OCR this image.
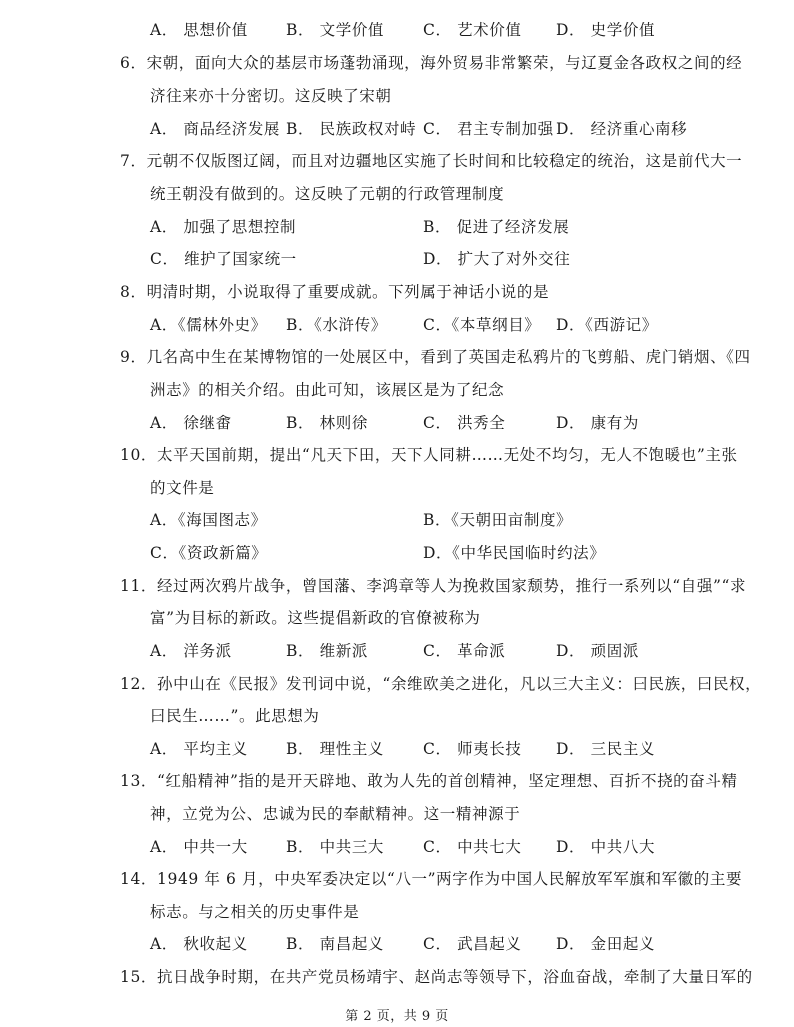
A． 思想价值 B． 文学价值	C． 艺术价值 D． 史学价值
6．宋朝，面向大众的基层市场蓬勃涌现，海外贸易非常繁荣，与辽夏金各政权之间的经
济往来亦十分密切。这反映了宋朝
A． 商品经济发展 B． 民族政权对峙 C． 君主专制加强 D． 经济重心南移
7．元朝不仅版图辽阔，而且对边疆地区实施了长时间和比较稳定的统治，这是前代大一
统王朝没有做到的。这反映了元朝的行政管理制度
A． 加强了思想控制	B． 促进了经济发展
C． 维护了国家统一	D． 扩大了对外交往
8．明清时期，小说取得了重要成就。下列属于神话小说的是
A．《儒林外史》 B．《水浒传》 C．《本草纲目》 D．《西游记》
9．几名高中生在某博物馆的一处展区中，看到了英国走私鸦片的飞剪船、虎门销烟、《四
洲志》的相关介绍。由此可知，该展区是为了纪念
A． 徐继畬	B． 林则徐	C． 洪秀全	D． 康有为
10．太平天国前期，提出“凡天下田，天下人同耕……无处不均匀，无人不饱暖也”主张
的文件是
A．《海国图志》	B．《天朝田亩制度》
C．《资政新篇》	D．《中华民国临时约法》
11．经过两次鸦片战争，曾国藩、李鸿章等人为挽救国家颓势，推行一系列以“自强”“求
富”为目标的新政。这些提倡新政的官僚被称为
A． 洋务派	B． 维新派	C． 革命派	D． 顽固派
12．孙中山在《民报》发刊词中说，“余维欧美之进化，凡以三大主义：曰民族，曰民权，
曰民生……”。此思想为
A． 平均主义 B． 理性主义	C． 师夷长技 D． 三民主义
13．“红船精神”指的是开天辟地、敢为人先的首创精神，坚定理想、百折不挠的奋斗精
神，立党为公、忠诚为民的奉献精神。这一精神源于
A． 中共一大 B． 中共三大	C． 中共七大 D． 中共八大
14．1949 年 6 月，中央军委决定以“八一”两字作为中国人民解放军军旗和军徽的主要
标志。与之相关的历史事件是
A． 秋收起义 B． 南昌起义	C． 武昌起义 D． 金田起义
15．抗日战争时期，在共产党员杨靖宇、赵尚志等领导下，浴血奋战，牵制了大量日军的
第 2 页，共 9 页
